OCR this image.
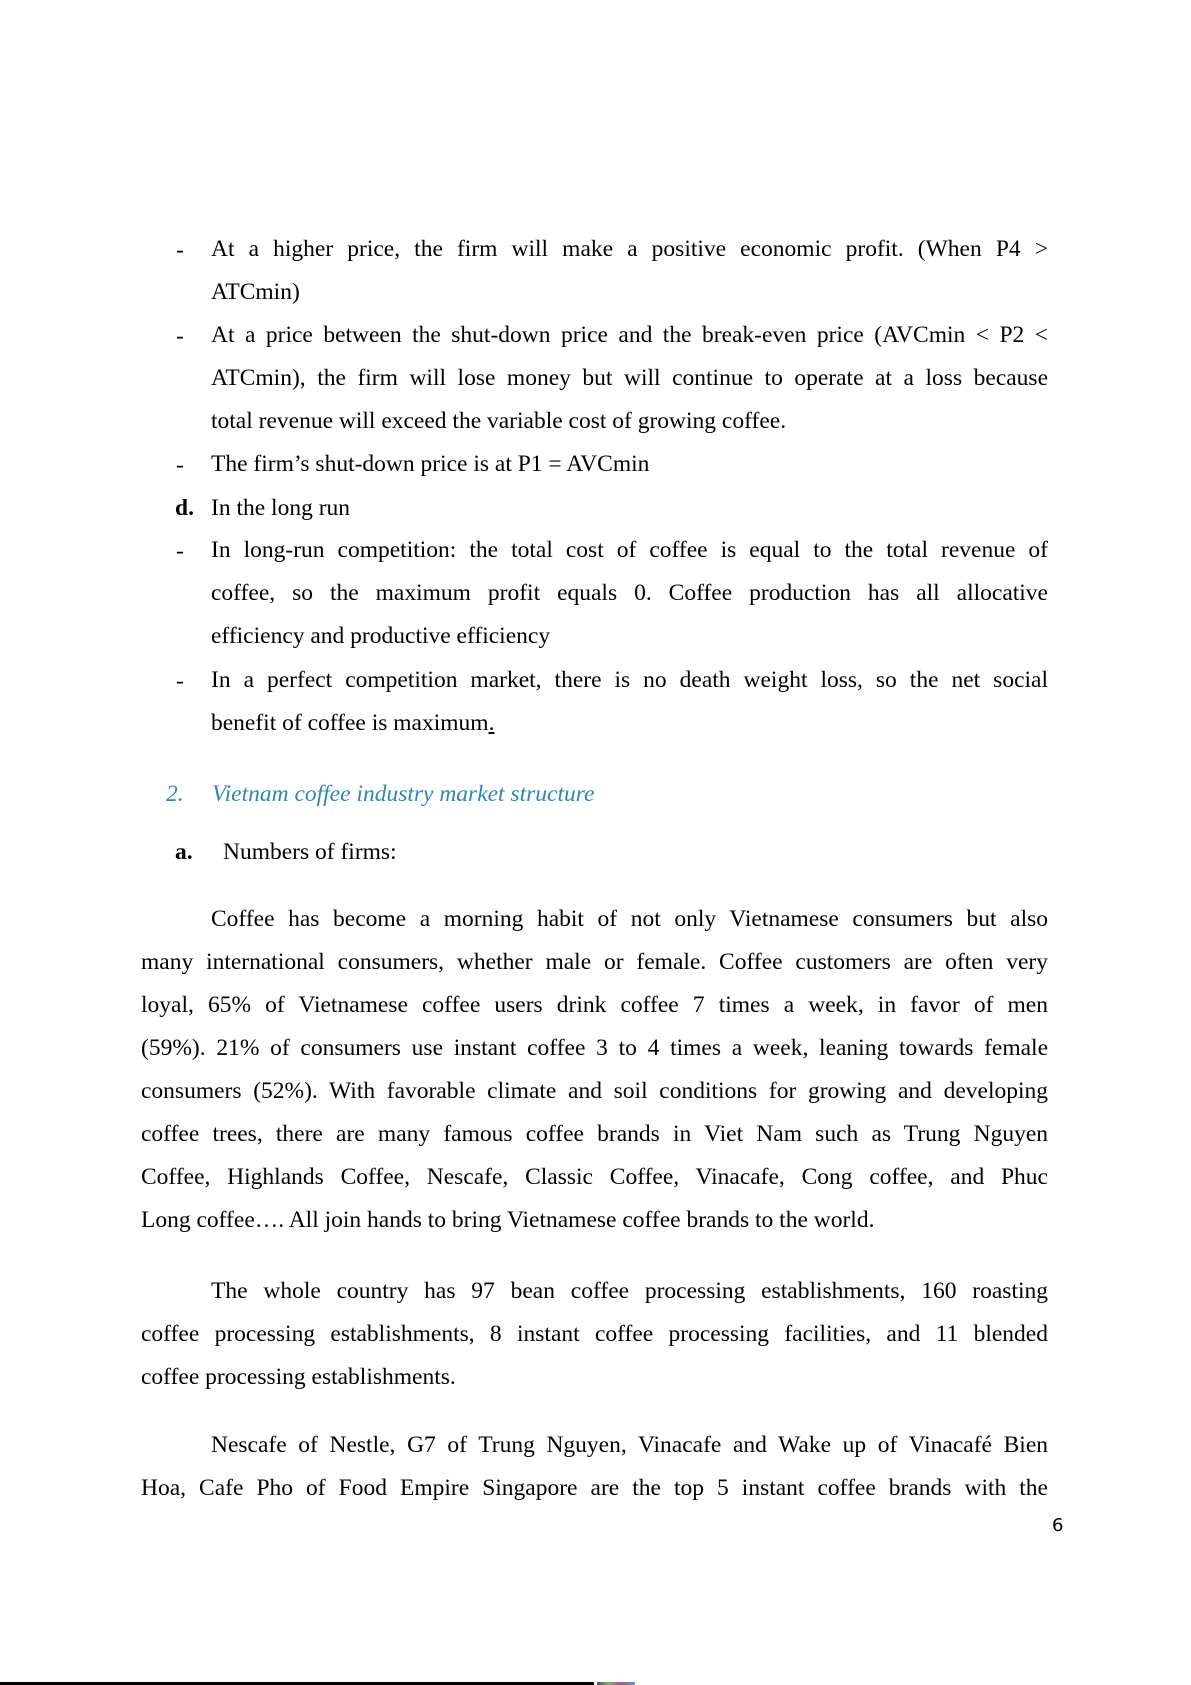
- At a higher price, the firm will make a positive economic profit. (When P4 >
ATCmin)
- At a price between the shut-down price and the break-even price (AVCmin < P2 <
ATCmin), the firm will lose money but will continue to operate at a loss because
total revenue will exceed the variable cost of growing coffee.
- The firm’s shut-down price is at P1 = AVCmin
d. In the long run
- In long-run competition: the total cost of coffee is equal to the total revenue of
coffee, so the maximum profit equals 0. Coffee production has all allocative
efficiency and productive efficiency
- In a perfect competition market, there is no death weight loss, so the net social
benefit of coffee is maximum.
2. Vietnam coffee industry market structure
a. Numbers of firms:
Coffee has become a morning habit of not only Vietnamese consumers but also
many international consumers, whether male or female. Coffee customers are often very
loyal, 65% of Vietnamese coffee users drink coffee 7 times a week, in favor of men
(59%). 21% of consumers use instant coffee 3 to 4 times a week, leaning towards female
consumers (52%). With favorable climate and soil conditions for growing and developing
coffee trees, there are many famous coffee brands in Viet Nam such as Trung Nguyen
Coffee, Highlands Coffee, Nescafe, Classic Coffee, Vinacafe, Cong coffee, and Phuc
Long coffee…. All join hands to bring Vietnamese coffee brands to the world.
The whole country has 97 bean coffee processing establishments, 160 roasting
coffee processing establishments, 8 instant coffee processing facilities, and 11 blended
coffee processing establishments.
Nescafe of Nestle, G7 of Trung Nguyen, Vinacafe and Wake up of Vinacafé Bien
Hoa, Cafe Pho of Food Empire Singapore are the top 5 instant coffee brands with the
6
